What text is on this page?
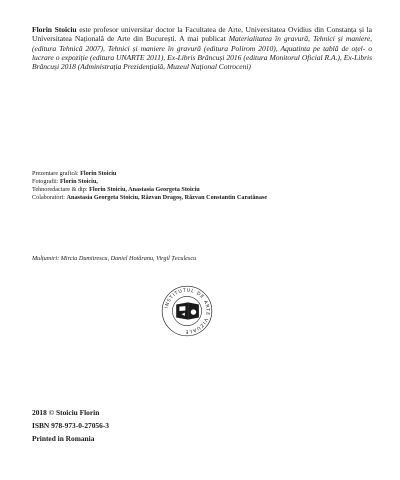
Florin Stoiciu este profesor universitar doctor la Facultatea de Arte, Universitatea Ovidius din Constanța și la Universitatea Națională de Arte din București. A mai publicat Materialitatea în gravură, Tehnici și maniere, (editura Tehnică 2007), Tehnici și maniere în gravură (editura Polirom 2010), Aquatinta pe tablă de oțel- o lucrare o expoziție (editura UNARTE 2011), Ex-Libris Brâncuși 2016 (editura Monitorul Oficial R.A.), Ex-Libris Brâncuși 2018 (Administrația Prezidențială, Muzeul Național Cotroceni)
Prezentare grafică: Florin Stoiciu
Fotografii: Florin Stoiciu,
Tehnoredactare & dtp: Florin Stoiciu, Anastasia Georgeta Stoiciu
Colaboratori: Anastasia Georgeta Stoiciu, Răzvan Dragoș, Răzvan Constantin Caratănase
Mulțumiri: Mircia Dumitrescu, Daniel Hotăranu, Virgil Țeculescu
INSTITUTUL DE ARTE VIZUALE
2018 © Stoiciu Florin
ISBN 978-973-0-27056-3
Printed in Romania
